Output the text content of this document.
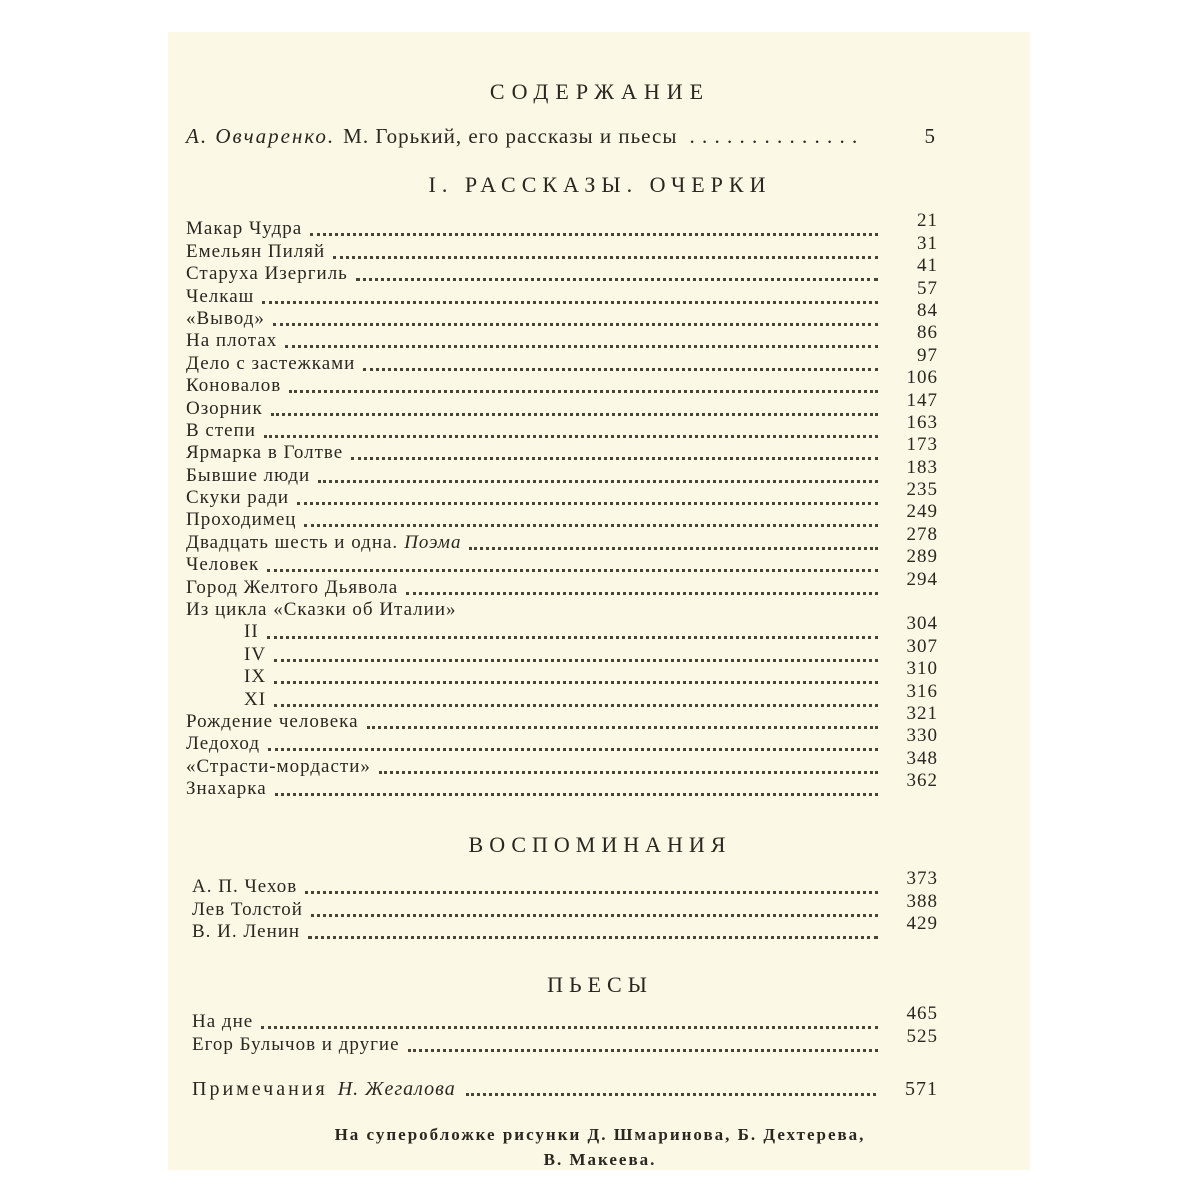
СОДЕРЖАНИЕ
А. Овчаренко. М. Горький, его рассказы и пьесы . . . . . . . . . . . . . .	5
I. РАССКАЗЫ. ОЧЕРКИ
Макар Чудра	21
Емельян Пиляй	31
Старуха Изергиль	41
Челкаш	57
«Вывод»	84
На плотах	86
Дело с застежками	97
Коновалов	106
Озорник	147
В степи	163
Ярмарка в Голтве	173
Бывшие люди	183
Скуки ради	235
Проходимец	249
Двадцать шесть и одна. Поэма	278
Человек	289
Город Желтого Дьявола	294
Из цикла «Сказки об Италии»
II	304
IV	307
IX	310
XI	316
Рождение человека	321
Ледоход	330
«Страсти-мордасти»	348
Знахарка	362
ВОСПОМИНАНИЯ
А. П. Чехов	373
Лев Толстой	388
В. И. Ленин	429
ПЬЕСЫ
На дне	465
Егор Булычов и другие	525
Примечания Н. Жегалова	571
На суперобложке рисунки Д. Шмаринова, Б. Дехтерева,
В. Макеева.
